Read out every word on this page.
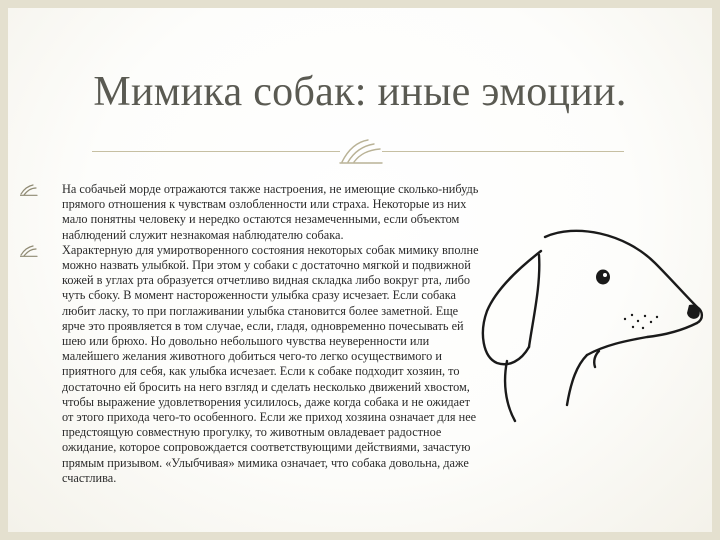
Мимика собак: иные эмоции.

На собачьей морде отражаются также настроения, не имеющие сколько-нибудь прямого отношения к чувствам озлобленности или страха. Некоторые из них мало понятны человеку и нередко остаются незамеченными, если объектом наблюдений служит незнакомая наблюдателю собака.

Характерную для умиротворенного состояния некоторых собак мимику вполне можно назвать улыбкой. При этом у собаки с достаточно мягкой и подвижной кожей в углах рта образуется отчетливо видная складка либо вокруг рта, либо чуть сбоку. В момент настороженности улыбка сразу исчезает. Если собака любит ласку, то при поглаживании улыбка становится более заметной. Еще ярче это проявляется в том случае, если, гладя, одновременно почесывать ей шею или брюхо. Но довольно небольшого чувства неуверенности или малейшего желания животного добиться чего-то легко осуществимого и приятного для себя, как улыбка исчезает. Если к собаке подходит хозяин, то достаточно ей бросить на него взгляд и сделать несколько движений хвостом, чтобы выражение удовлетворения усилилось, даже когда собака и не ожидает от этого прихода чего-то особенного. Если же приход хозяина означает для нее предстоящую совместную прогулку, то животным овладевает радостное ожидание, которое сопровождается соответствующими действиями, зачастую прямым призывом. «Улыбчивая» мимика означает, что собака довольна, даже счастлива.
